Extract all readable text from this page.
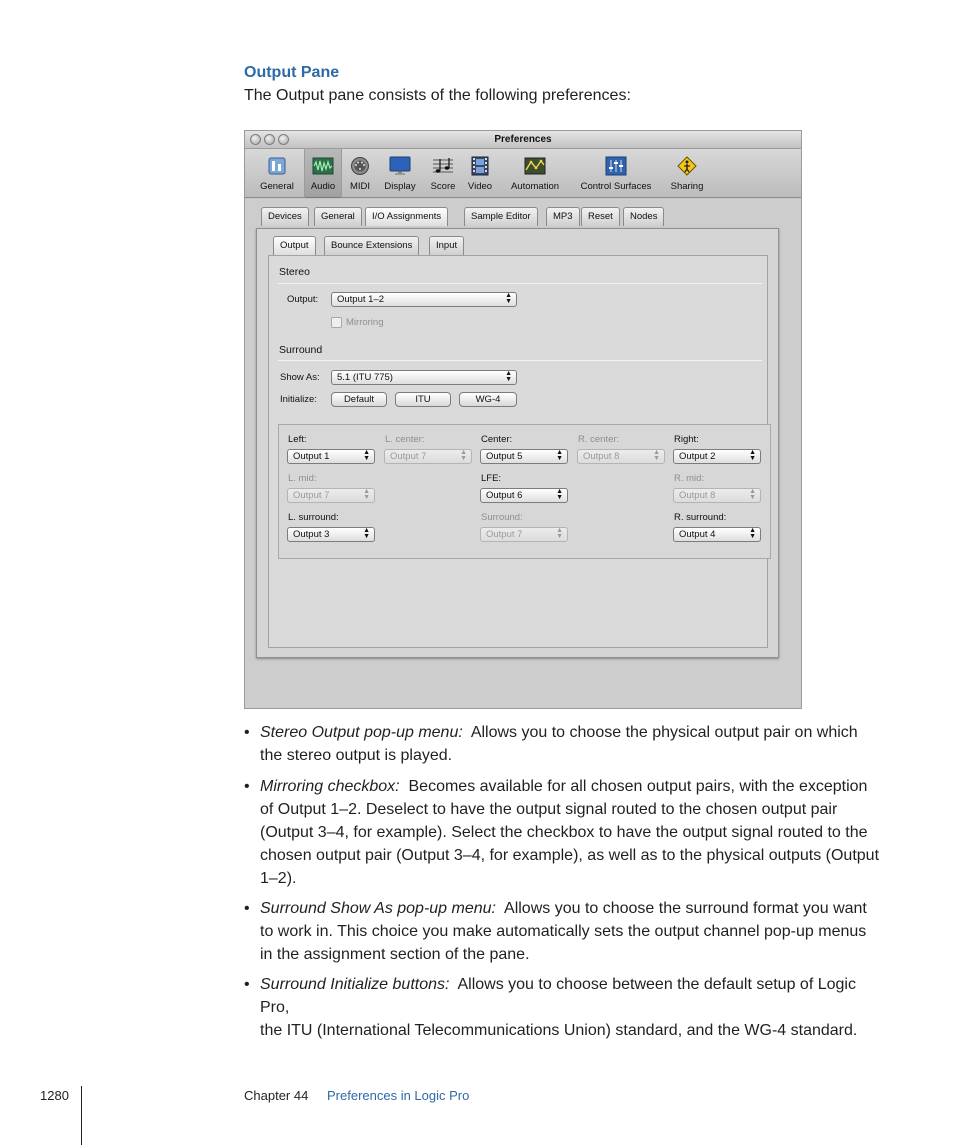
Output Pane
The Output pane consists of the following preferences:
Preferences
General	Audio	MIDI	Display	Score	Video	Automation	Control Surfaces	Sharing
Devices	General	I/O Assignments	Sample Editor	MP3	Reset	Nodes
Output	Bounce Extensions	Input
Stereo
Output:	Output 1–2	▲
▼
Mirroring
Surround
Show As:	5.1 (ITU 775)	▲
▼
Initialize:	Default	ITU	WG-4
Left:
Output 1	▲
▼
L. center:
Output 7	▲
▼
Center:
Output 5	▲
▼
R. center:
Output 8	▲
▼
Right:
Output 2	▲
▼
L. mid:
Output 7	▲
▼
LFE:
Output 6	▲
▼
R. mid:
Output 8	▲
▼
L. surround:
Output 3	▲
▼
Surround:
Output 7	▲
▼
R. surround:
Output 4	▲
▼
• Stereo Output pop-up menu: Allows you to choose the physical output pair on which
the stereo output is played.
• Mirroring checkbox: Becomes available for all chosen output pairs, with the exception
of Output 1–2. Deselect to have the output signal routed to the chosen output pair
(Output 3–4, for example). Select the checkbox to have the output signal routed to the
chosen output pair (Output 3–4, for example), as well as to the physical outputs (Output
1–2).
• Surround Show As pop-up menu: Allows you to choose the surround format you want
to work in. This choice you make automatically sets the output channel pop-up menus
in the assignment section of the pane.
• Surround Initialize buttons: Allows you to choose between the default setup of Logic Pro,
the ITU (International Telecommunications Union) standard, and the WG-4 standard.
1280	Chapter 44 Preferences in Logic Pro
